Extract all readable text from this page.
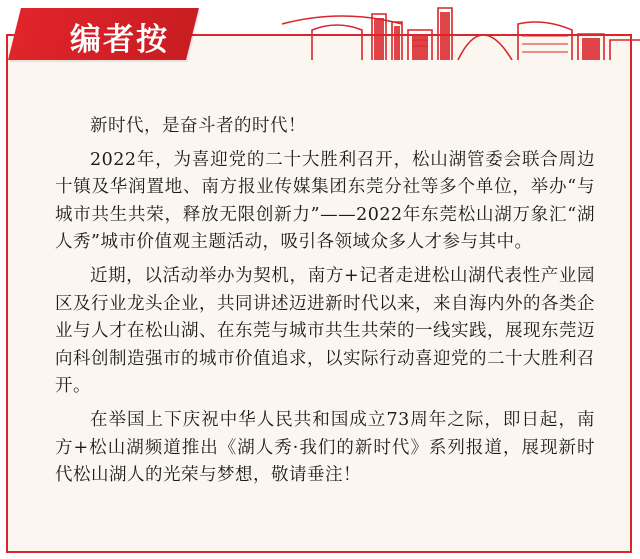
编者按

新时代，是奋斗者的时代！

2022年，为喜迎党的二十大胜利召开，松山湖管委会联合周边十镇及华润置地、南方报业传媒集团东莞分社等多个单位，举办“与城市共生共荣，释放无限创新力”——2022年东莞松山湖万象汇“湖人秀”城市价值观主题活动，吸引各领域众多人才参与其中。

近期，以活动举办为契机，南方+记者走进松山湖代表性产业园区及行业龙头企业，共同讲述迈进新时代以来，来自海内外的各类企业与人才在松山湖、在东莞与城市共生共荣的一线实践，展现东莞迈向科创制造强市的城市价值追求，以实际行动喜迎党的二十大胜利召开。

在举国上下庆祝中华人民共和国成立73周年之际，即日起，南方+松山湖频道推出《湖人秀·我们的新时代》系列报道，展现新时代松山湖人的光荣与梦想，敬请垂注！
